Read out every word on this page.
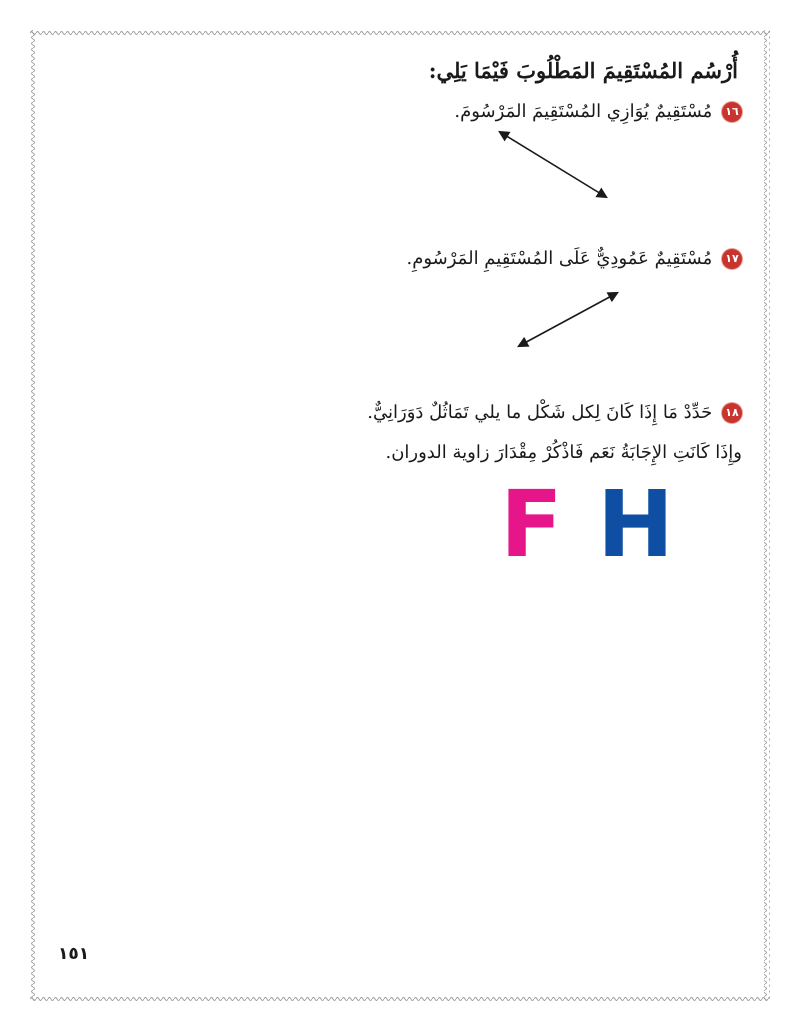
أُرْسُم المُسْتَقِيمَ المَطْلُوبَ فَيْمَا يَلِي:
١٦ مُسْتَقِيمٌ يُوَازِي المُسْتَقِيمَ المَرْسُومَ.
١٧ مُسْتَقِيمٌ عَمُودِيٌّ عَلَى المُسْتَقِيمِ المَرْسُومِ.
١٨ حَدِّدْ مَا إِذَا كَانَ لِكل شَكْل ما يلي تَمَاثُلٌ دَوَرَانِيٌّ.
وإِذَا كَانَتِ الإِجَابَةُ نَعَم فَاذْكُرْ مِقْدَارَ زاوية الدوران.
F H
١٥١
